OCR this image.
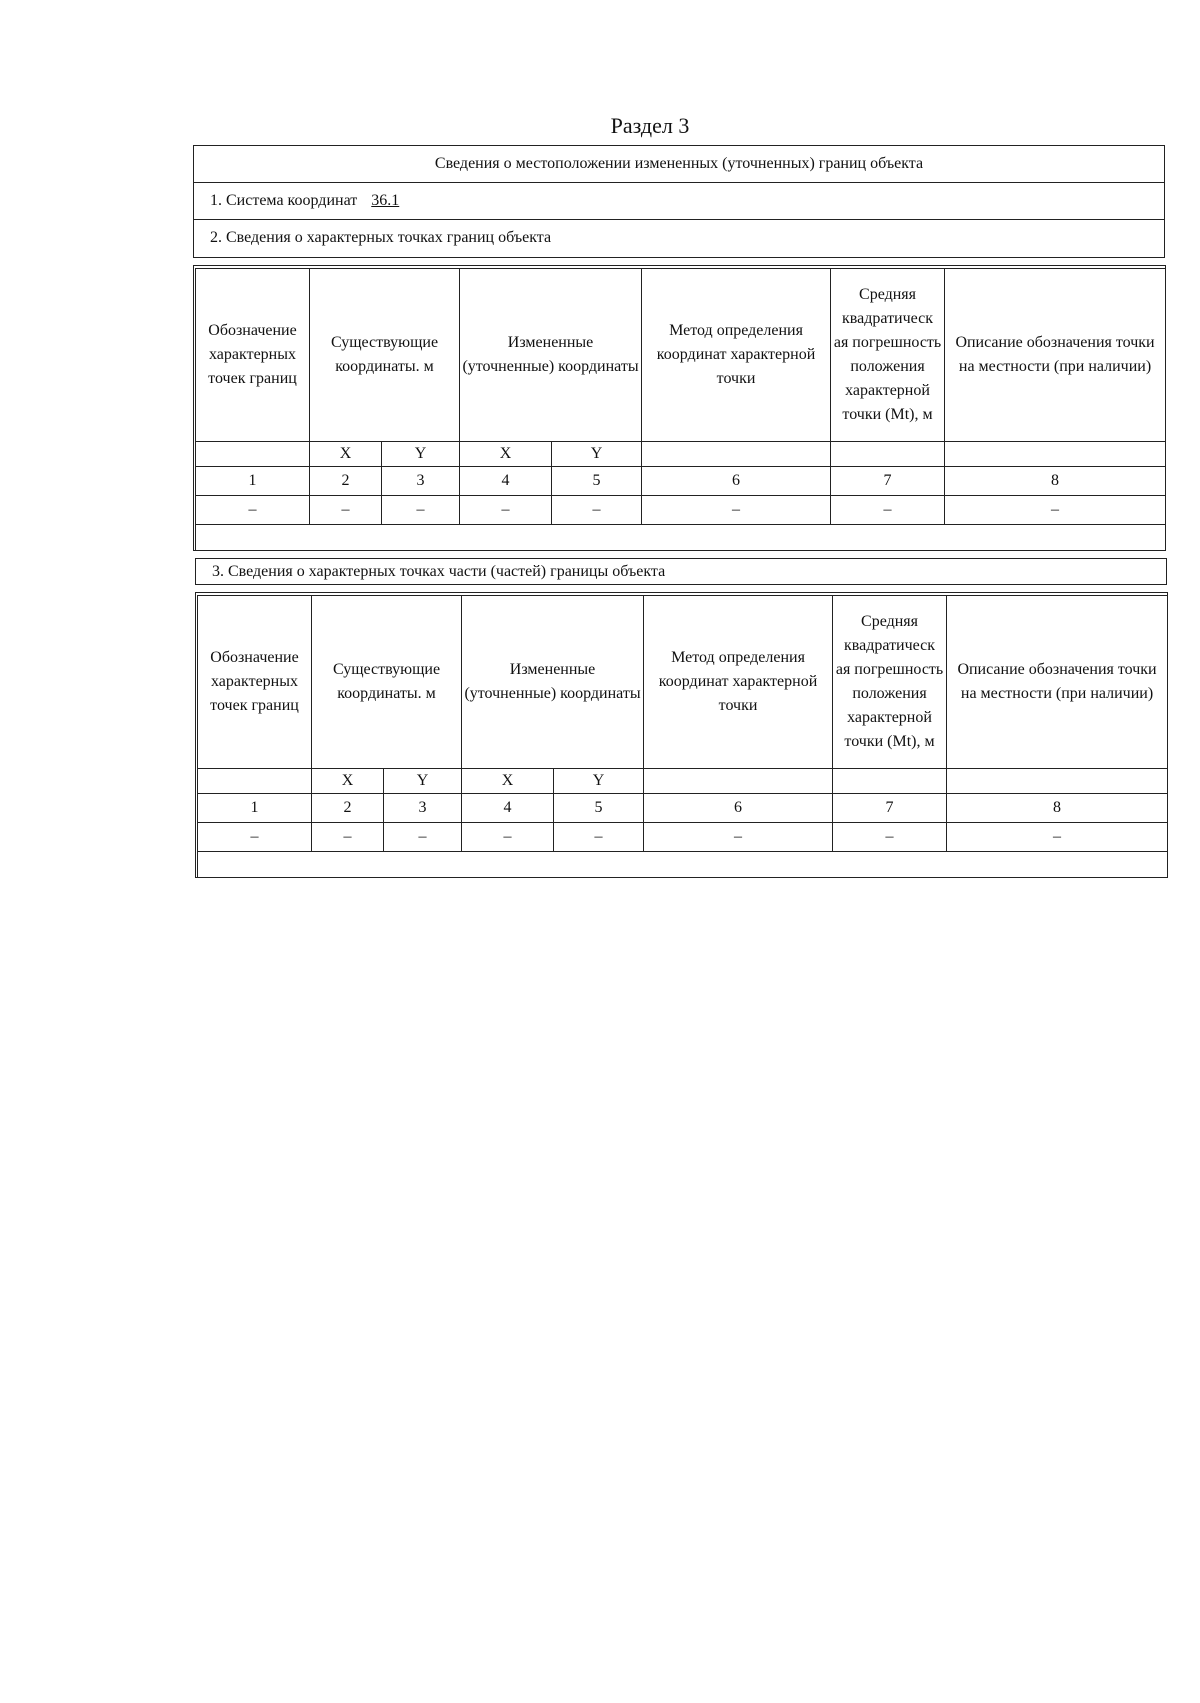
Раздел 3
Сведения о местоположении измененных (уточненных) границ объекта
1. Система координат 36.1
2. Сведения о характерных точках границ объекта
Обозначение характерных точек границ	Существующие координаты. м		Измененные (уточненные) координаты		Метод определения координат характерной точки	Средняя квадратическ ая погрешность положения характерной точки (Mt), м	Описание обозначения точки на местности (при наличии)
	X	Y	X	Y			
1	2	3	4	5	6	7	8
–	–	–	–	–	–	–	–

3. Сведения о характерных точках части (частей) границы объекта
Обозначение характерных точек границ	Существующие координаты. м		Измененные (уточненные) координаты		Метод определения координат характерной точки	Средняя квадратическ ая погрешность положения характерной точки (Mt), м	Описание обозначения точки на местности (при наличии)
	X	Y	X	Y			
1	2	3	4	5	6	7	8
–	–	–	–	–	–	–	–
